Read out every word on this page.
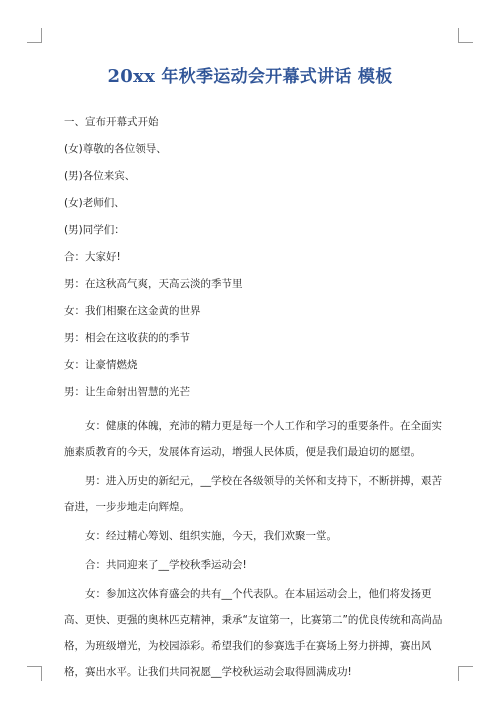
20xx 年秋季运动会开幕式讲话 模板

一、宣布开幕式开始

(女)尊敬的各位领导、

(男)各位来宾、

(女)老师们、

(男)同学们：

合：大家好!

男：在这秋高气爽，天高云淡的季节里

女：我们相聚在这金黄的世界

男：相会在这收获的的季节

女：让豪情燃烧

男：让生命射出智慧的光芒

女：健康的体魄，充沛的精力更是每一个人工作和学习的重要条件。在全面实施素质教育的今天，发展体育运动，增强人民体质，便是我们最迫切的愿望。

男：进入历史的新纪元，__学校在各级领导的关怀和支持下，不断拼搏，艰苦奋进，一步步地走向辉煌。

女：经过精心筹划、组织实施，今天，我们欢聚一堂。

合：共同迎来了__学校秋季运动会!

女：参加这次体育盛会的共有__个代表队。在本届运动会上，他们将发扬更高、更快、更强的奥林匹克精神，秉承“友谊第一，比赛第二”的优良传统和高尚品格，为班级增光，为校园添彩。希望我们的参赛选手在赛场上努力拼搏，赛出风格，赛出水平。让我们共同祝愿__学校秋运动会取得圆满成功!
